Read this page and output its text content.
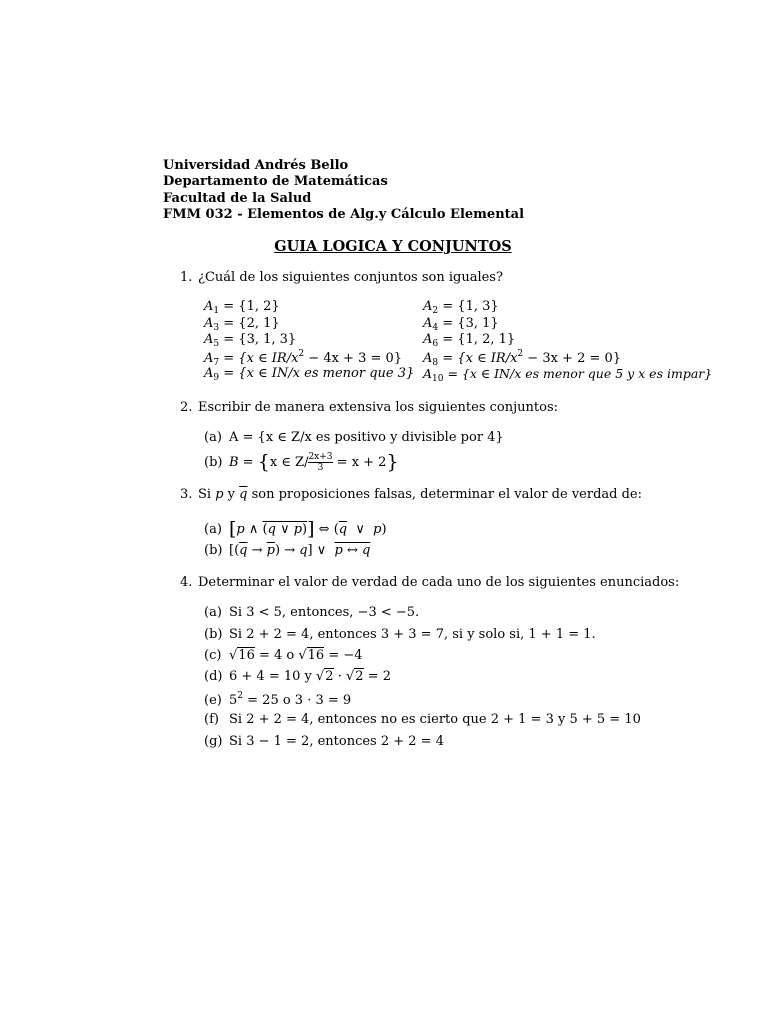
Universidad Andrés Bello
Departamento de Matemáticas
Facultad de la Salud
FMM 032 - Elementos de Alg.y Cálculo Elemental
GUIA LOGICA Y CONJUNTOS
1. ¿Cuál de los siguientes conjuntos son iguales?
$A_1 = \{1$, 2}	$A_2 = \{1$, 3}
$A_3 = \{2$, 1}	$A_4 = \{3$, 1}
$A_5 = \{3$, 1, 3}	$A_6 = \{1$, 2, 1}
$A_7 = \{x$ ∈ $IR/x^2 - 4x + 3 = 0$} $A_8 = \{x$ ∈ $IR/x^2 - 3x + 2 = 0$}
$A_9 = \{x$ ∈ IN/x es menor que 3} $A_{10} = \{x$ ∈ IN/x es menor que 5 y x es impar}
2. Escribir de manera extensiva los siguientes conjuntos:
(a) A = {x ∈ Z/x es positivo y divisible por 4}
(b) B = {x ∈ $Z/ \frac{2x+3}{3} = x + 2$}
3. Si p y $\overline{q}$ son proposiciones falsas, determinar el valor de verdad de:
(a) [p ∧ (q ∨ p)] ⇔ ($\overline{q}$  ∨  p)
(b) $[(\overline{q} \to \overline{p}) \to q]$ ∨  p ↔ q
4. Determinar el valor de verdad de cada uno de los siguientes enunciados:
(a) Si 3 < 5, entonces, −3 < −5.
(b) Si 2 + 2 = 4, entonces 3 + 3 = 7, si y solo si, 1 + 1 = 1.
(c) √16 = 4 o √16 = −4
(d) 6 + 4 = 10 y √2 · √2 = 2
(e) $5^2 = 25$ o 3 · 3 = 9
(f) Si 2 + 2 = 4, entonces no es cierto que 2 + 1 = 3 y 5 + 5 = 10
(g) Si 3 − 1 = 2, entonces 2 + 2 = 4
